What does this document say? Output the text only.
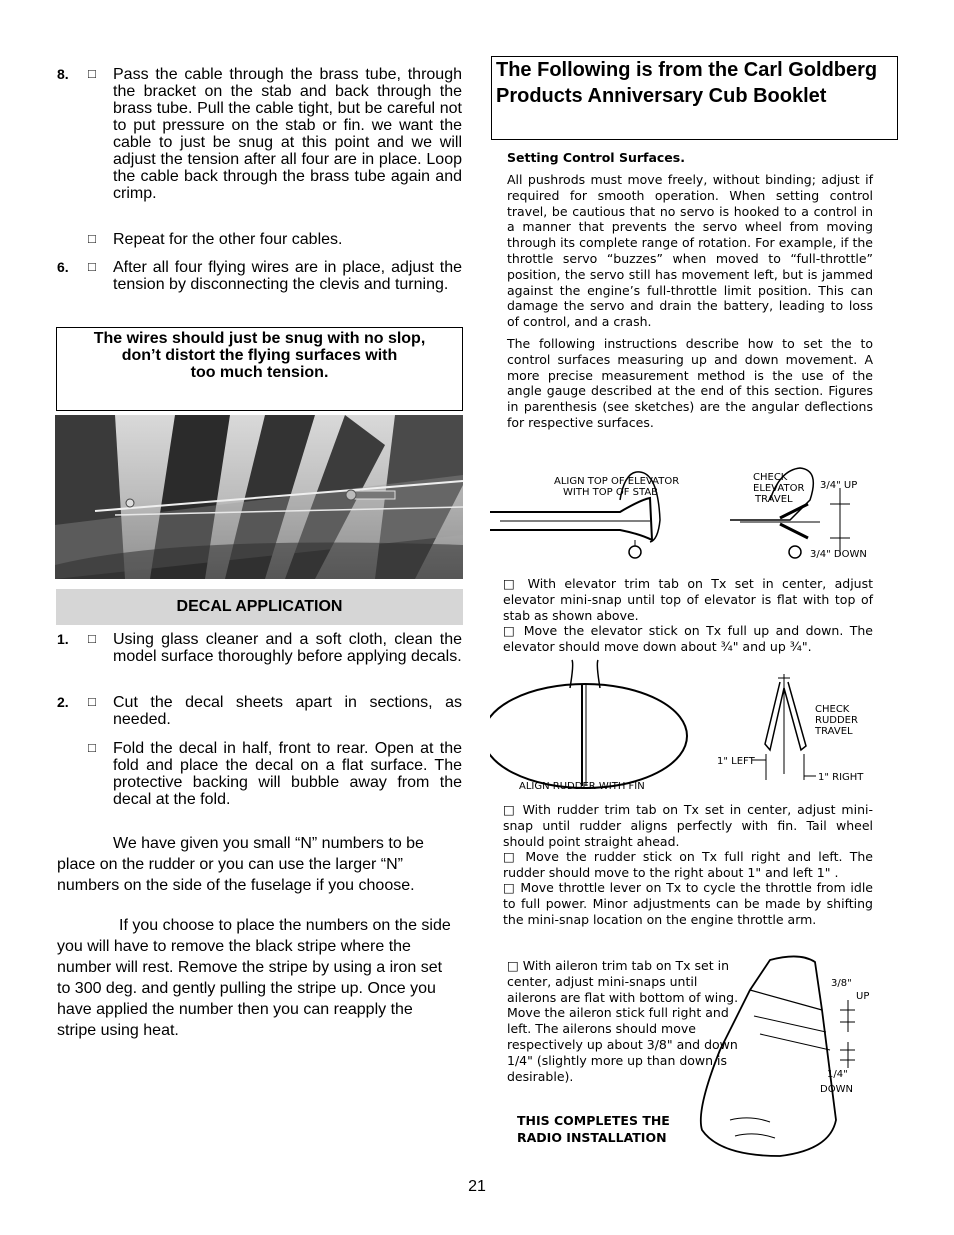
8. □ Pass the cable through the brass tube, through the bracket on the stab and back through the brass tube. Pull the cable tight, but be careful not to put pressure on the stab or fin. we want the cable to just be snug at this point and we will adjust the tension after all four are in place. Loop the cable back through the brass tube again and crimp.
□ Repeat for the other four cables.
6. □ After all four flying wires are in place, adjust the tension by disconnecting the clevis and turning.
The wires should just be snug with no slop,
don’t distort the flying surfaces with
too much tension.
DECAL APPLICATION
1. □ Using glass cleaner and a soft cloth, clean the model surface thoroughly before applying decals.
2. □ Cut the decal sheets apart in sections, as needed.
□ Fold the decal in half, front to rear. Open at the fold and place the decal on a flat surface. The protective backing will bubble away from the decal at the fold.
We have given you small “N” numbers to be place on the rudder or you can use the larger “N” numbers on the side of the fuselage if you choose.
If you choose to place the numbers on the side you will have to remove the black stripe where the number will rest. Remove the stripe by using a iron set to 300 deg. and gently pulling the stripe up. Once you have applied the number then you can reapply the stripe using heat.
The Following is from the Carl Goldberg Products Anniversary Cub Booklet
Setting Control Surfaces.
All pushrods must move freely, without binding; adjust if required for smooth operation. When setting control travel, be cautious that no servo is hooked to a control in a manner that prevents the servo wheel from moving through its complete range of rotation. For example, if the throttle servo “buzzes” when moved to “full-throttle” position, the servo still has movement left, but is jammed against the engine’s full-throttle limit position. This can damage the servo and drain the battery, leading to loss of control, and a crash.
The following instructions describe how to set the to control surfaces measuring up and down movement. A more precise measurement method is the use of the angle gauge described at the end of this section. Figures in parenthesis (see sketches) are the angular deflections for respective surfaces.
ALIGN TOP OF ELEVATOR
WITH TOP OF STAB
CHECK
ELEVATOR
TRAVEL
3/4" UP
3/4" DOWN
□ With elevator trim tab on Tx set in center, adjust elevator mini-snap until top of elevator is flat with top of stab as shown above.
□ Move the elevator stick on Tx full up and down. The elevator should move down about ¾" and up ¾".
CHECK
RUDDER
TRAVEL
1" LEFT
1" RIGHT
ALIGN RUDDER WITH FIN
□ With rudder trim tab on Tx set in center, adjust mini-snap until rudder aligns perfectly with fin. Tail wheel should point straight ahead.
□ Move the rudder stick on Tx full right and left. The rudder should move to the right about 1" and left 1" .
□ Move throttle lever on Tx to cycle the throttle from idle to full power. Minor adjustments can be made by shifting the mini-snap location on the engine throttle arm.
3/8"
UP
1/4"
DOWN
□ With aileron trim tab on Tx set in center, adjust mini-snaps until ailerons are flat with bottom of wing. Move the aileron stick full right and left. The ailerons should move respectively up about 3/8" and down 1/4" (slightly more up than down is desirable).
THIS COMPLETES THE
RADIO INSTALLATION
21
